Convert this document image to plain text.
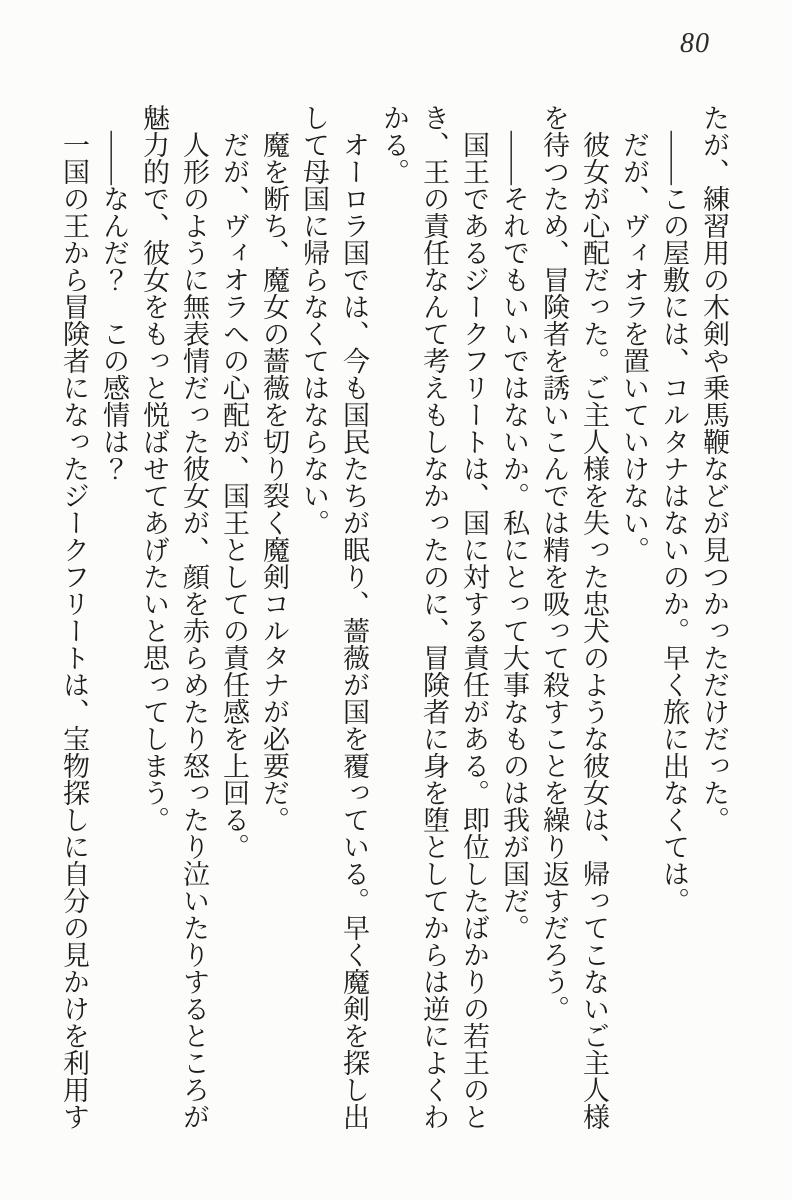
80

たが、練習用の木剣や乗馬鞭などが見つかっただけだった。

――この屋敷には、コルタナはないのか。早く旅に出なくては。

だが、ヴィオラを置いていけない。

彼女が心配だった。ご主人様を失った忠犬のような彼女は、帰ってこないご主人様を待つため、冒険者を誘いこんでは精を吸って殺すことを繰り返すだろう。

――それでもいいではないか。私にとって大事なものは我が国だ。

国王であるジークフリートは、国に対する責任がある。即位したばかりの若王のとき、王の責任なんて考えもしなかったのに、冒険者に身を堕としてからは逆によくわかる。

オーロラ国では、今も国民たちが眠り、薔薇が国を覆っている。早く魔剣を探し出して母国に帰らなくてはならない。

魔を断ち、魔女の薔薇を切り裂く魔剣コルタナが必要だ。

だが、ヴィオラへの心配が、国王としての責任感を上回る。

人形のように無表情だった彼女が、顔を赤らめたり怒ったり泣いたりするところが魅力的で、彼女をもっと悦ばせてあげたいと思ってしまう。

――なんだ？　この感情は？

一国の王から冒険者になったジークフリートは、宝物探しに自分の見かけを利用す
